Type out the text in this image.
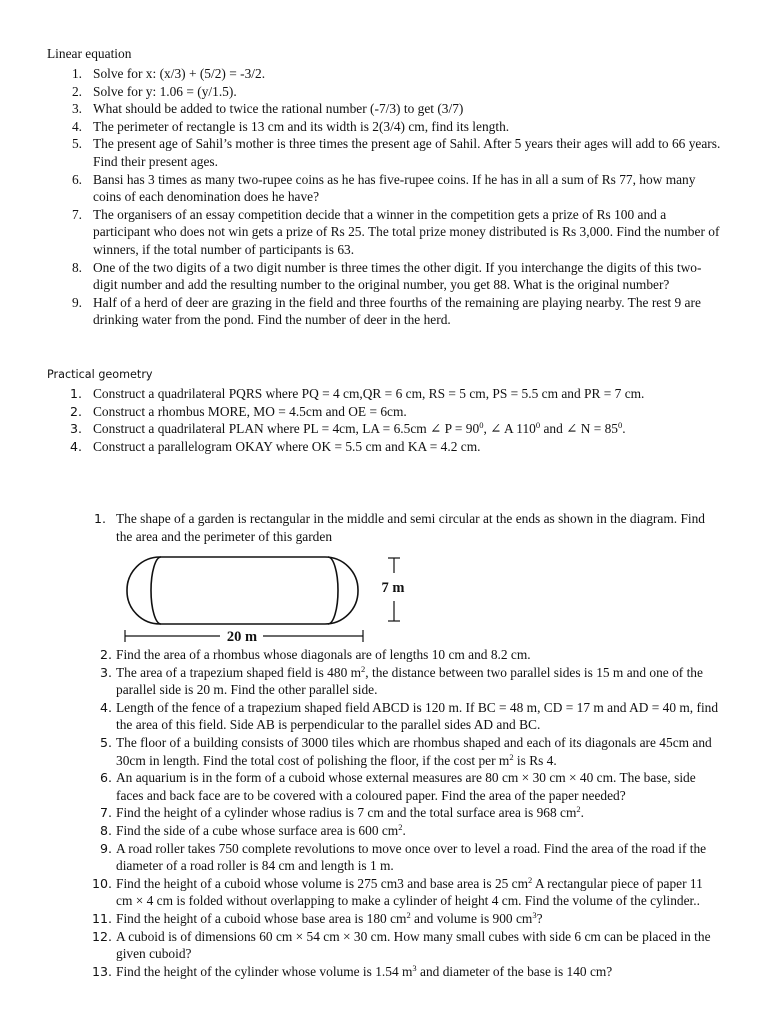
Linear equation
1. Solve for x: (x/3) + (5/2) = -3/2.
2. Solve for y: 1.06 = (y/1.5).
3. What should be added to twice the rational number (-7/3) to get (3/7)
4. The perimeter of rectangle is 13 cm and its width is 2(3/4) cm, find its length.
5. The present age of Sahil’s mother is three times the present age of Sahil. After 5 years their ages will add to 66 years. Find their present ages.
6. Bansi has 3 times as many two-rupee coins as he has five-rupee coins. If he has in all a sum of Rs 77, how many coins of each denomination does he have?
7. The organisers of an essay competition decide that a winner in the competition gets a prize of Rs 100 and a participant who does not win gets a prize of Rs 25. The total prize money distributed is Rs 3,000. Find the number of winners, if the total number of participants is 63.
8. One of the two digits of a two digit number is three times the other digit. If you interchange the digits of this two-digit number and add the resulting number to the original number, you get 88. What is the original number?
9. Half of a herd of deer are grazing in the field and three fourths of the remaining are playing nearby. The rest 9 are drinking water from the pond. Find the number of deer in the herd.
Practical geometry
1. Construct a quadrilateral PQRS where PQ = 4 cm,QR = 6 cm, RS = 5 cm, PS = 5.5 cm and PR = 7 cm.
2. Construct a rhombus MORE, MO = 4.5cm and OE = 6cm.
3. Construct a quadrilateral PLAN where PL = 4cm, LA = 6.5cm ∠ $P = 90^0$, ∠ A $110^0$ and ∠ $N = 85^0$.
4. Construct a parallelogram OKAY where OK = 5.5 cm and KA = 4.2 cm.
1. The shape of a garden is rectangular in the middle and semi circular at the ends as shown in the diagram. Find the area and the perimeter of this garden
7 m
20 m
2. Find the area of a rhombus whose diagonals are of lengths 10 cm and 8.2 cm.
3. The area of a trapezium shaped field is 480 $m^2$, the distance between two parallel sides is 15 m and one of the parallel side is 20 m. Find the other parallel side.
4. Length of the fence of a trapezium shaped field ABCD is 120 m. If BC = 48 m, CD = 17 m and AD = 40 m, find the area of this field. Side AB is perpendicular to the parallel sides AD and BC.
5. The floor of a building consists of 3000 tiles which are rhombus shaped and each of its diagonals are 45cm and 30cm in length. Find the total cost of polishing the floor, if the cost per $m^2$ is Rs 4.
6. An aquarium is in the form of a cuboid whose external measures are 80 cm × 30 cm × 40 cm. The base, side faces and back face are to be covered with a coloured paper. Find the area of the paper needed?
7. Find the height of a cylinder whose radius is 7 cm and the total surface area is 968 $cm^2$.
8. Find the side of a cube whose surface area is 600 $cm^2$.
9. A road roller takes 750 complete revolutions to move once over to level a road. Find the area of the road if the diameter of a road roller is 84 cm and length is 1 m.
10. Find the height of a cuboid whose volume is 275 cm3 and base area is 25 $cm^2$ A rectangular piece of paper 11 cm × 4 cm is folded without overlapping to make a cylinder of height 4 cm. Find the volume of the cylinder..
11. Find the height of a cuboid whose base area is 180 $cm^2$ and volume is 900 $cm^3$?
12. A cuboid is of dimensions 60 cm × 54 cm × 30 cm. How many small cubes with side 6 cm can be placed in the given cuboid?
13. Find the height of the cylinder whose volume is 1.54 $m^3$ and diameter of the base is 140 cm?
